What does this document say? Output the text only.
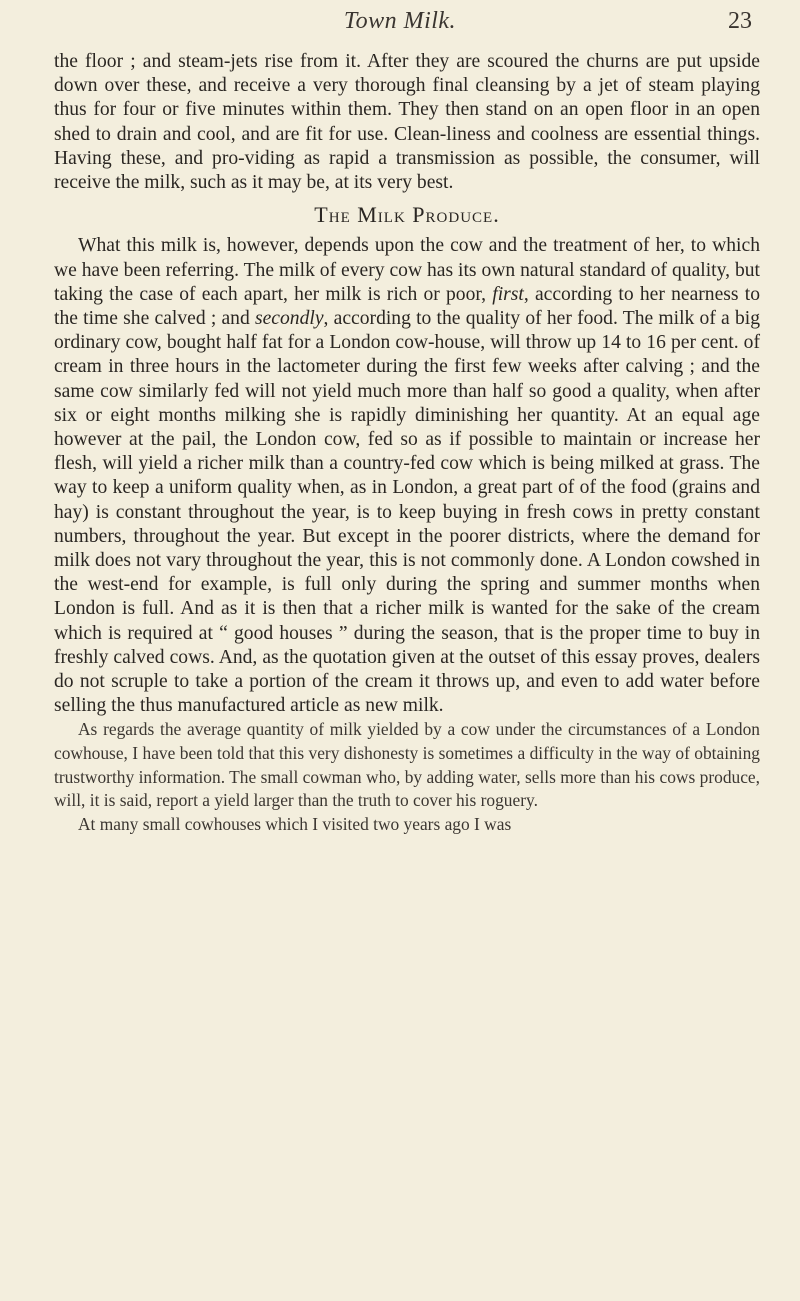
Town Milk.	23

the floor ; and steam-jets rise from it. After they are scoured the churns are put upside down over these, and receive a very thorough final cleansing by a jet of steam playing thus for four or five minutes within them. They then stand on an open floor in an open shed to drain and cool, and are fit for use. Clean-liness and coolness are essential things. Having these, and pro-viding as rapid a transmission as possible, the consumer, will receive the milk, such as it may be, at its very best.

The Milk Produce.

What this milk is, however, depends upon the cow and the treatment of her, to which we have been referring. The milk of every cow has its own natural standard of quality, but taking the case of each apart, her milk is rich or poor, first, according to her nearness to the time she calved ; and secondly, according to the quality of her food. The milk of a big ordinary cow, bought half fat for a London cow-house, will throw up 14 to 16 per cent. of cream in three hours in the lactometer during the first few weeks after calving ; and the same cow similarly fed will not yield much more than half so good a quality, when after six or eight months milking she is rapidly diminishing her quantity. At an equal age however at the pail, the London cow, fed so as if possible to maintain or increase her flesh, will yield a richer milk than a country-fed cow which is being milked at grass. The way to keep a uniform quality when, as in London, a great part of of the food (grains and hay) is constant throughout the year, is to keep buying in fresh cows in pretty constant numbers, throughout the year. But except in the poorer districts, where the demand for milk does not vary throughout the year, this is not commonly done. A London cowshed in the west-end for example, is full only during the spring and summer months when London is full. And as it is then that a richer milk is wanted for the sake of the cream which is required at “ good houses ” during the season, that is the proper time to buy in freshly calved cows. And, as the quotation given at the outset of this essay proves, dealers do not scruple to take a portion of the cream it throws up, and even to add water before selling the thus manufactured article as new milk.

As regards the average quantity of milk yielded by a cow under the circumstances of a London cowhouse, I have been told that this very dishonesty is sometimes a difficulty in the way of obtaining trustworthy information. The small cowman who, by adding water, sells more than his cows produce, will, it is said, report a yield larger than the truth to cover his roguery.

At many small cowhouses which I visited two years ago I was
